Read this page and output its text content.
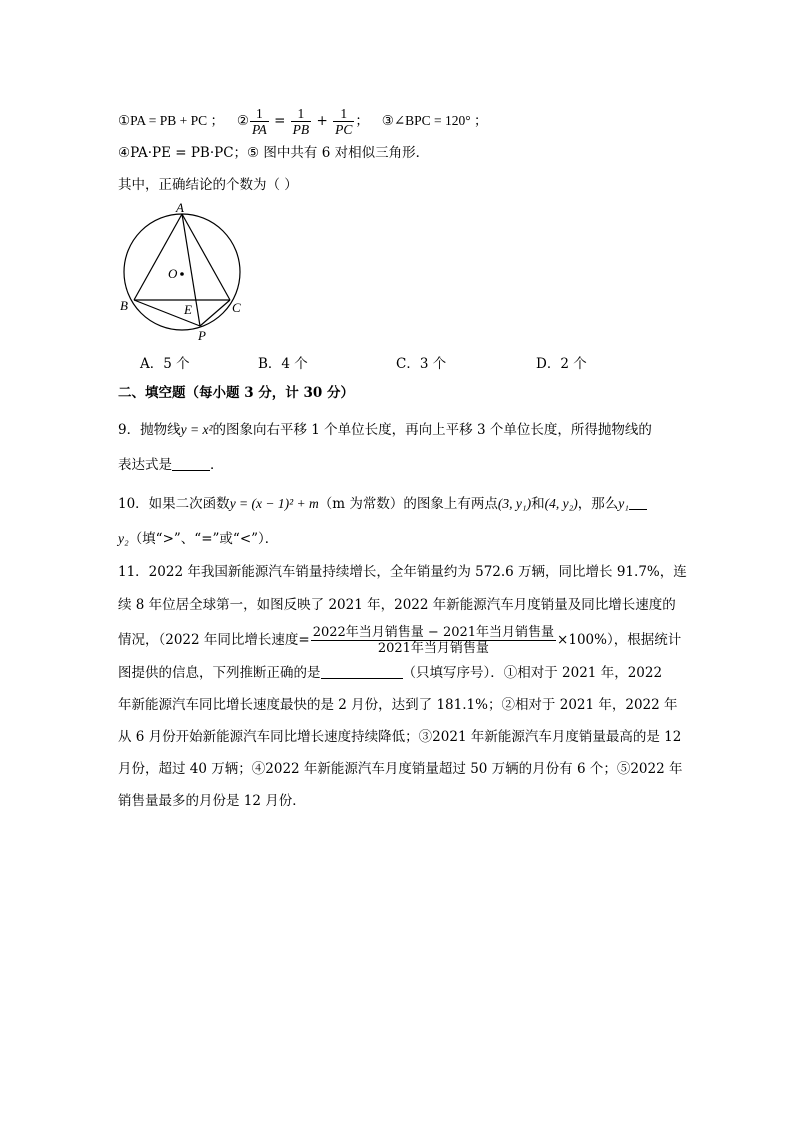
①PA = PB + PC ； ② $\frac{1}{PA} = \frac{1}{PB} + \frac{1}{PC}$ ； ③∠BPC = 120° ；
④PA·PE = PB·PC；⑤ 图中共有 6 对相似三角形．
其中，正确结论的个数为（ ）
A
O
B	C
E
P
A．5 个	B．4 个	C．3 个	D．2 个
二、填空题（每小题 3 分，计 30 分）
9．抛物线y = x²的图象向右平移 1 个单位长度，再向上平移 3 个单位长度，所得抛物线的
表达式是	．
10．如果二次函数y = (x − 1)² + m（m 为常数）的图象上有两点(3, y₁)和(4, y₂)，那么y₁
y₂（填“>”、“=”或“<”）．
11．2022 年我国新能源汽车销量持续增长，全年销量约为 572.6 万辆，同比增长 91.7%，连
续 8 年位居全球第一，如图反映了 2021 年，2022 年新能源汽车月度销量及同比增长速度的
情况，（2022 年同比增长速度= $\frac{\text{2022年当月销售量 − 2021年当月销售量}}{\text{2021年当月销售量}} \times 100\%$），根据统计
图提供的信息，下列推断正确的是	（只填写序号）．①相对于 2021 年，2022
年新能源汽车同比增长速度最快的是 2 月份，达到了 181.1%；②相对于 2021 年，2022 年
从 6 月份开始新能源汽车同比增长速度持续降低；③2021 年新能源汽车月度销量最高的是 12
月份，超过 40 万辆；④2022 年新能源汽车月度销量超过 50 万辆的月份有 6 个；⑤2022 年
销售量最多的月份是 12 月份．
